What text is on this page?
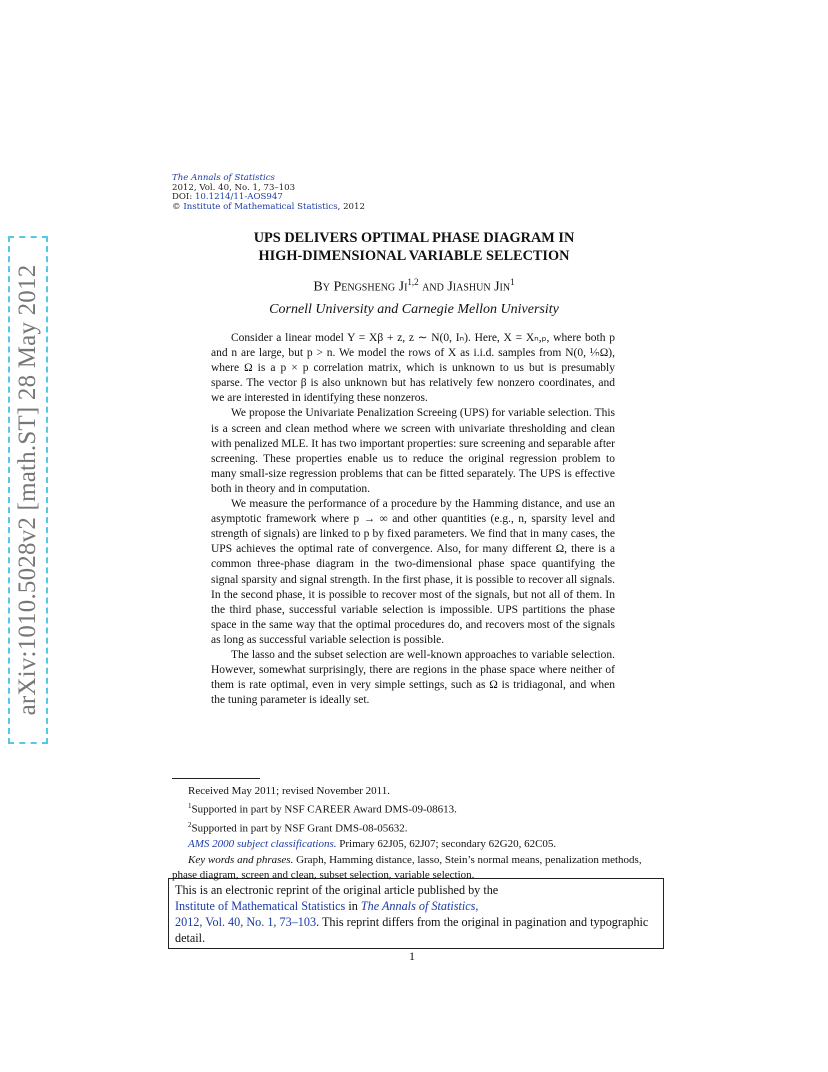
arXiv:1010.5028v2 [math.ST] 28 May 2012
The Annals of Statistics
2012, Vol. 40, No. 1, 73–103
DOI: 10.1214/11-AOS947
© Institute of Mathematical Statistics, 2012
UPS DELIVERS OPTIMAL PHASE DIAGRAM IN
HIGH-DIMENSIONAL VARIABLE SELECTION
By Pengsheng Ji$^{1,2}$ and Jiashun Jin$^1$
Cornell University and Carnegie Mellon University

Consider a linear model Y = Xβ + z, z ∼ N(0, Iₙ). Here, X = Xₙ,ₚ, where both p and n are large, but p > n. We model the rows of X as i.i.d. samples from N(0, ¹⁄ₙΩ), where Ω is a p × p correlation matrix, which is unknown to us but is presumably sparse. The vector β is also unknown but has relatively few nonzero coordinates, and we are interested in identifying these nonzeros.

We propose the Univariate Penalization Screeing (UPS) for variable selection. This is a screen and clean method where we screen with univariate thresholding and clean with penalized MLE. It has two important properties: sure screening and separable after screening. These properties enable us to reduce the original regression problem to many small-size regression problems that can be fitted separately. The UPS is effective both in theory and in computation.

We measure the performance of a procedure by the Hamming distance, and use an asymptotic framework where p → ∞ and other quantities (e.g., n, sparsity level and strength of signals) are linked to p by fixed parameters. We find that in many cases, the UPS achieves the optimal rate of convergence. Also, for many different Ω, there is a common three-phase diagram in the two-dimensional phase space quantifying the signal sparsity and signal strength. In the first phase, it is possible to recover all signals. In the second phase, it is possible to recover most of the signals, but not all of them. In the third phase, successful variable selection is impossible. UPS partitions the phase space in the same way that the optimal procedures do, and recovers most of the signals as long as successful variable selection is possible.

The lasso and the subset selection are well-known approaches to variable selection. However, somewhat surprisingly, there are regions in the phase space where neither of them is rate optimal, even in very simple settings, such as Ω is tridiagonal, and when the tuning parameter is ideally set.

Received May 2011; revised November 2011.

$^1$Supported in part by NSF CAREER Award DMS-09-08613.

$^2$Supported in part by NSF Grant DMS-08-05632.

AMS 2000 subject classifications. Primary 62J05, 62J07; secondary 62G20, 62C05.

Key words and phrases. Graph, Hamming distance, lasso, Stein’s normal means, penalization methods, phase diagram, screen and clean, subset selection, variable selection.

This is an electronic reprint of the original article published by the
Institute of Mathematical Statistics in The Annals of Statistics,
2012, Vol. 40, No. 1, 73–103. This reprint differs from the original in pagination and typographic detail.
1
